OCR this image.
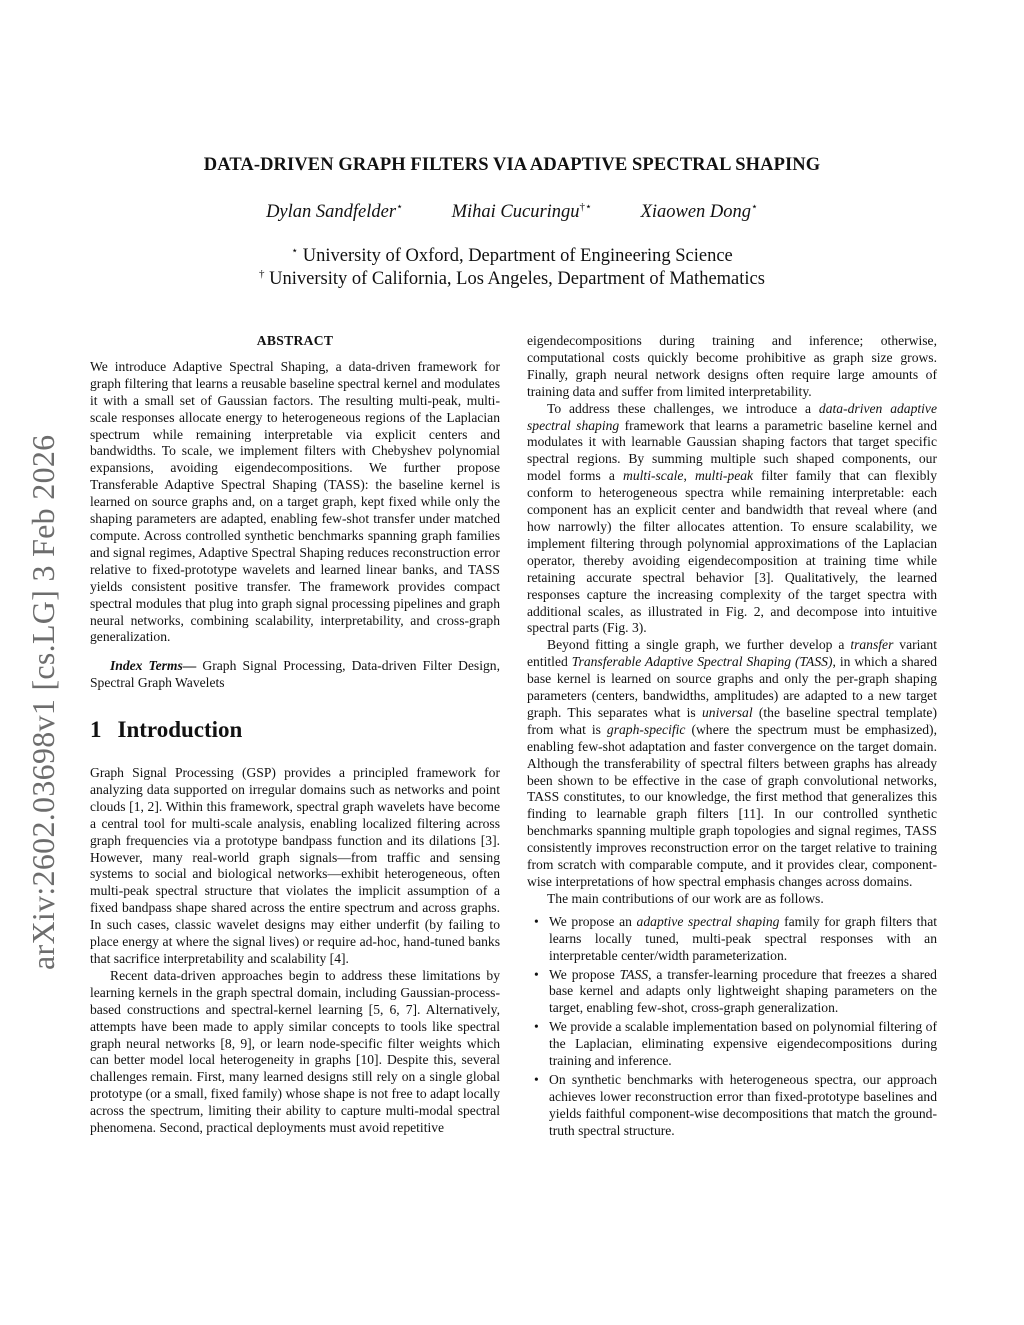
arXiv:2602.03698v1 [cs.LG] 3 Feb 2026
DATA-DRIVEN GRAPH FILTERS VIA ADAPTIVE SPECTRAL SHAPING
Dylan Sandfelder⋆	Mihai Cucuringu†⋆	Xiaowen Dong⋆
⋆ University of Oxford, Department of Engineering Science
† University of California, Los Angeles, Department of Mathematics
ABSTRACT

We introduce Adaptive Spectral Shaping, a data-driven framework for graph filtering that learns a reusable baseline spectral kernel and modulates it with a small set of Gaussian factors. The resulting multi-peak, multi-scale responses allocate energy to heterogeneous regions of the Laplacian spectrum while remaining interpretable via explicit centers and bandwidths. To scale, we implement filters with Chebyshev polynomial expansions, avoiding eigendecompositions. We further propose Transferable Adaptive Spectral Shaping (TASS): the baseline kernel is learned on source graphs and, on a target graph, kept fixed while only the shaping parameters are adapted, enabling few-shot transfer under matched compute. Across controlled synthetic benchmarks spanning graph families and signal regimes, Adaptive Spectral Shaping reduces reconstruction error relative to fixed-prototype wavelets and learned linear banks, and TASS yields consistent positive transfer. The framework provides compact spectral modules that plug into graph signal processing pipelines and graph neural networks, combining scalability, interpretability, and cross-graph generalization.

Index Terms— Graph Signal Processing, Data-driven Filter Design, Spectral Graph Wavelets

1 Introduction

Graph Signal Processing (GSP) provides a principled framework for analyzing data supported on irregular domains such as networks and point clouds [1, 2]. Within this framework, spectral graph wavelets have become a central tool for multi-scale analysis, enabling localized filtering across graph frequencies via a prototype bandpass function and its dilations [3]. However, many real-world graph signals—from traffic and sensing systems to social and biological networks—exhibit heterogeneous, often multi-peak spectral structure that violates the implicit assumption of a fixed bandpass shape shared across the entire spectrum and across graphs. In such cases, classic wavelet designs may either underfit (by failing to place energy at where the signal lives) or require ad-hoc, hand-tuned banks that sacrifice interpretability and scalability [4].

Recent data-driven approaches begin to address these limitations by learning kernels in the graph spectral domain, including Gaussian-process-based constructions and spectral-kernel learning [5, 6, 7]. Alternatively, attempts have been made to apply similar concepts to tools like spectral graph neural networks [8, 9], or learn node-specific filter weights which can better model local heterogeneity in graphs [10]. Despite this, several challenges remain. First, many learned designs still rely on a single global prototype (or a small, fixed family) whose shape is not free to adapt locally across the spectrum, limiting their ability to capture multi-modal spectral phenomena. Second, practical deployments must avoid repetitive

eigendecompositions during training and inference; otherwise, computational costs quickly become prohibitive as graph size grows. Finally, graph neural network designs often require large amounts of training data and suffer from limited interpretability.

To address these challenges, we introduce a data-driven adaptive spectral shaping framework that learns a parametric baseline kernel and modulates it with learnable Gaussian shaping factors that target specific spectral regions. By summing multiple such shaped components, our model forms a multi-scale, multi-peak filter family that can flexibly conform to heterogeneous spectra while remaining interpretable: each component has an explicit center and bandwidth that reveal where (and how narrowly) the filter allocates attention. To ensure scalability, we implement filtering through polynomial approximations of the Laplacian operator, thereby avoiding eigendecomposition at training time while retaining accurate spectral behavior [3]. Qualitatively, the learned responses capture the increasing complexity of the target spectra with additional scales, as illustrated in Fig. 2, and decompose into intuitive spectral parts (Fig. 3).

Beyond fitting a single graph, we further develop a transfer variant entitled Transferable Adaptive Spectral Shaping (TASS), in which a shared base kernel is learned on source graphs and only the per-graph shaping parameters (centers, bandwidths, amplitudes) are adapted to a new target graph. This separates what is universal (the baseline spectral template) from what is graph-specific (where the spectrum must be emphasized), enabling few-shot adaptation and faster convergence on the target domain. Although the transferability of spectral filters between graphs has already been shown to be effective in the case of graph convolutional networks, TASS constitutes, to our knowledge, the first method that generalizes this finding to learnable graph filters [11]. In our controlled synthetic benchmarks spanning multiple graph topologies and signal regimes, TASS consistently improves reconstruction error on the target relative to training from scratch with comparable compute, and it provides clear, component-wise interpretations of how spectral emphasis changes across domains.

The main contributions of our work are as follows.

• We propose an adaptive spectral shaping family for graph filters that learns locally tuned, multi-peak spectral responses with an interpretable center/width parameterization.
• We propose TASS, a transfer-learning procedure that freezes a shared base kernel and adapts only lightweight shaping parameters on the target, enabling few-shot, cross-graph generalization.
• We provide a scalable implementation based on polynomial filtering of the Laplacian, eliminating expensive eigendecompositions during training and inference.
• On synthetic benchmarks with heterogeneous spectra, our approach achieves lower reconstruction error than fixed-prototype baselines and yields faithful component-wise decompositions that match the ground-truth spectral structure.
